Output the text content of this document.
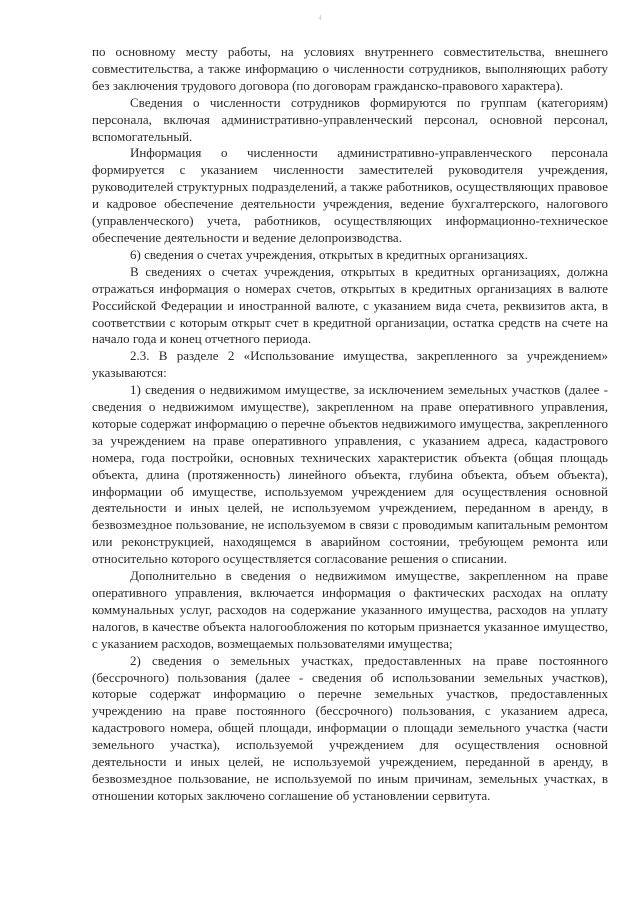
4

по основному месту работы, на условиях внутреннего совместительства, внешнего совместительства, а также информацию о численности сотрудников, выполняющих работу без заключения трудового договора (по договорам гражданско-правового характера).

Сведения о численности сотрудников формируются по группам (категориям) персонала, включая административно-управленческий персонал, основной персонал, вспомогательный.

Информация о численности административно-управленческого персонала формируется с указанием численности заместителей руководителя учреждения, руководителей структурных подразделений, а также работников, осуществляющих правовое и кадровое обеспечение деятельности учреждения, ведение бухгалтерского, налогового (управленческого) учета, работников, осуществляющих информационно-техническое обеспечение деятельности и ведение делопроизводства.

6) сведения о счетах учреждения, открытых в кредитных организациях.

В сведениях о счетах учреждения, открытых в кредитных организациях, должна отражаться информация о номерах счетов, открытых в кредитных организациях в валюте Российской Федерации и иностранной валюте, с указанием вида счета, реквизитов акта, в соответствии с которым открыт счет в кредитной организации, остатка средств на счете на начало года и конец отчетного периода.

2.3. В разделе 2 «Использование имущества, закрепленного за учреждением» указываются:

1) сведения о недвижимом имуществе, за исключением земельных участков (далее - сведения о недвижимом имуществе), закрепленном на праве оперативного управления, которые содержат информацию о перечне объектов недвижимого имущества, закрепленного за учреждением на праве оперативного управления, с указанием адреса, кадастрового номера, года постройки, основных технических характеристик объекта (общая площадь объекта, длина (протяженность) линейного объекта, глубина объекта, объем объекта), информации об имуществе, используемом учреждением для осуществления основной деятельности и иных целей, не используемом учреждением, переданном в аренду, в безвозмездное пользование, не используемом в связи с проводимым капитальным ремонтом или реконструкцией, находящемся в аварийном состоянии, требующем ремонта или относительно которого осуществляется согласование решения о списании.

Дополнительно в сведения о недвижимом имуществе, закрепленном на праве оперативного управления, включается информация о фактических расходах на оплату коммунальных услуг, расходов на содержание указанного имущества, расходов на уплату налогов, в качестве объекта налогообложения по которым признается указанное имущество, с указанием расходов, возмещаемых пользователями имущества;

2) сведения о земельных участках, предоставленных на праве постоянного (бессрочного) пользования (далее - сведения об использовании земельных участков), которые содержат информацию о перечне земельных участков, предоставленных учреждению на праве постоянного (бессрочного) пользования, с указанием адреса, кадастрового номера, общей площади, информации о площади земельного участка (части земельного участка), используемой учреждением для осуществления основной деятельности и иных целей, не используемой учреждением, переданной в аренду, в безвозмездное пользование, не используемой по иным причинам, земельных участках, в отношении которых заключено соглашение об установлении сервитута.
